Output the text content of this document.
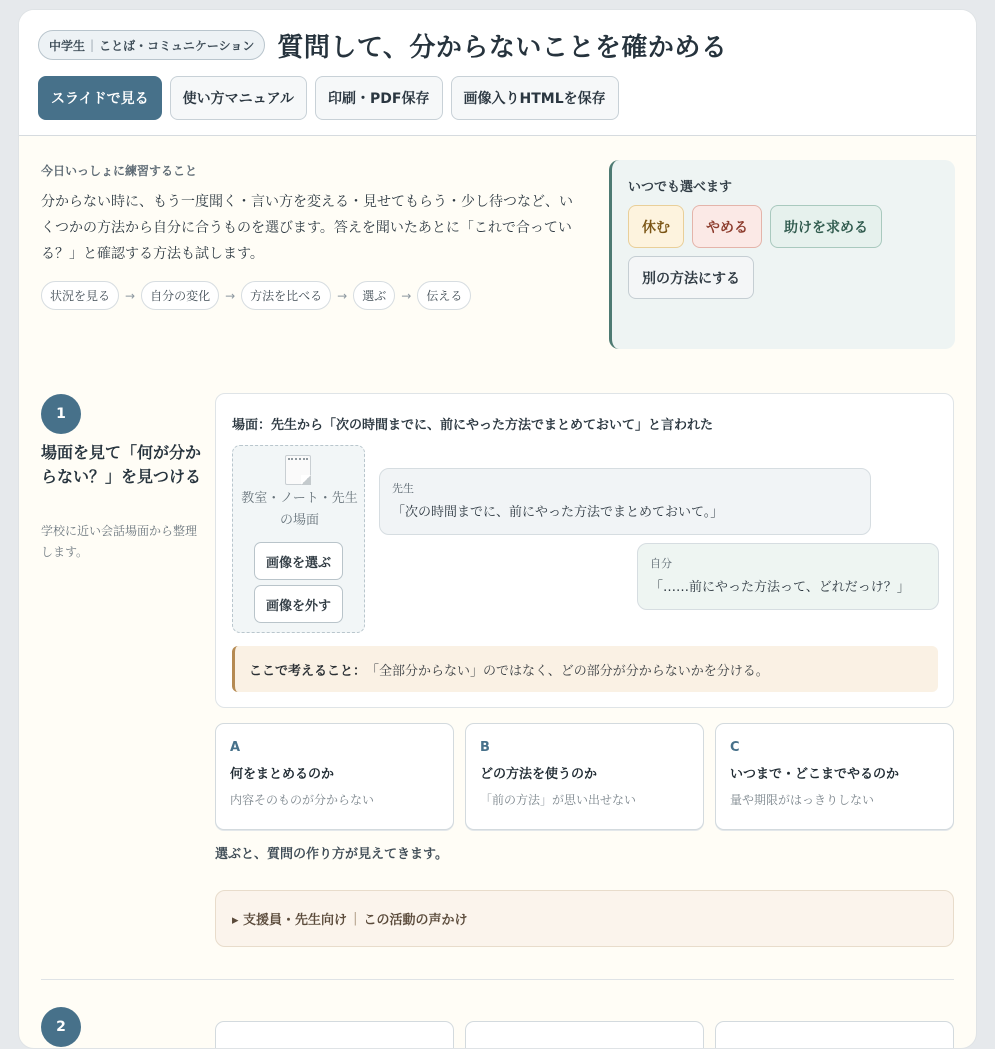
中学生 | ことば・コミュニケーション 質問して、分からないことを確かめる
スライドで見る	使い方マニュアル	印刷・PDF保存	画像入りHTMLを保存
今日いっしょに練習すること

分からない時に、もう一度聞く・言い方を変える・見せてもらう・少し待つなど、いくつかの方法から自分に合うものを選びます。答えを聞いたあとに「これで合っている？」と確認する方法も試します。

状況を見る	→	自分の変化	→	方法を比べる	→	選ぶ	→	伝える
いつでも選べます
休む	やめる	助けを求める
別の方法にする
1
場面を見て「何が分からない？」を見つける

学校に近い会話場面から整理します。

場面：先生から「次の時間までに、前にやった方法でまとめておいて」と言われた
教室・ノート・先生の場面
画像を選ぶ
画像を外す
先生
「次の時間までに、前にやった方法でまとめておいて。」
自分
「……前にやった方法って、どれだっけ？」
ここで考えること： 「全部分からない」のではなく、どの部分が分からないかを分ける。
A
何をまとめるのか
内容そのものが分からない
B
どの方法を使うのか
「前の方法」が思い出せない
C
いつまで・どこまでやるのか
量や期限がはっきりしない
選ぶと、質問の作り方が見えてきます。
▸ 支援員・先生向け | この活動の声かけ
2
